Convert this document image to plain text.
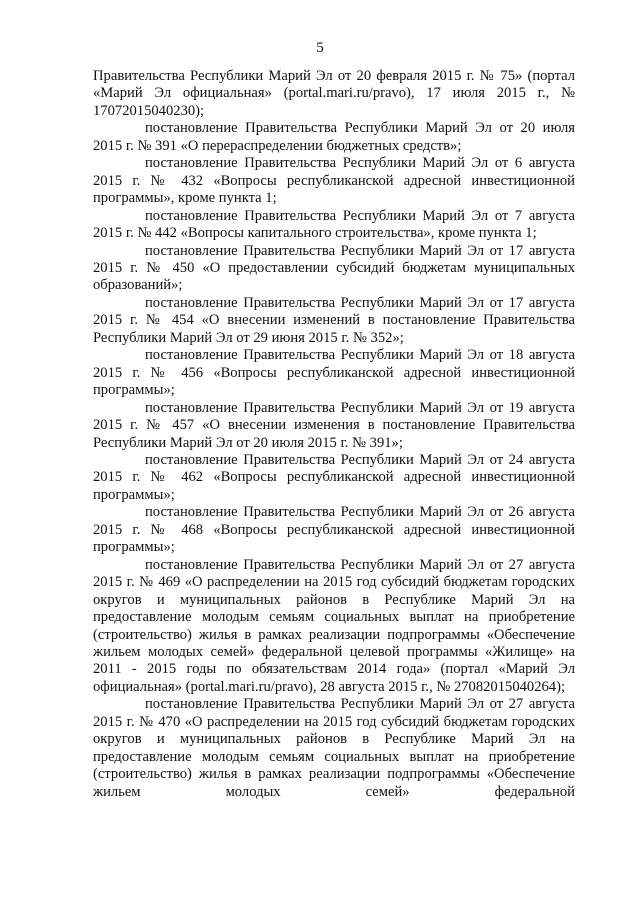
5

Правительства Республики Марий Эл от 20 февраля 2015 г. № 75» (портал «Марий Эл официальная» (portal.mari.ru/pravo), 17 июля 2015 г., № 17072015040230);

постановление Правительства Республики Марий Эл от 20 июля 2015 г. № 391 «О перераспределении бюджетных средств»;

постановление Правительства Республики Марий Эл от 6 августа 2015 г. № 432 «Вопросы республиканской адресной инвестиционной программы», кроме пункта 1;

постановление Правительства Республики Марий Эл от 7 августа 2015 г. № 442 «Вопросы капитального строительства», кроме пункта 1;

постановление Правительства Республики Марий Эл от 17 августа 2015 г. № 450 «О предоставлении субсидий бюджетам муниципальных образований»;

постановление Правительства Республики Марий Эл от 17 августа 2015 г. № 454 «О внесении изменений в постановление Правительства Республики Марий Эл от 29 июня 2015 г. № 352»;

постановление Правительства Республики Марий Эл от 18 августа 2015 г. № 456 «Вопросы республиканской адресной инвестиционной программы»;

постановление Правительства Республики Марий Эл от 19 августа 2015 г. № 457 «О внесении изменения в постановление Правительства Республики Марий Эл от 20 июля 2015 г. № 391»;

постановление Правительства Республики Марий Эл от 24 августа 2015 г. № 462 «Вопросы республиканской адресной инвестиционной программы»;

постановление Правительства Республики Марий Эл от 26 августа 2015 г. № 468 «Вопросы республиканской адресной инвестиционной программы»;

постановление Правительства Республики Марий Эл от 27 августа 2015 г. № 469 «О распределении на 2015 год субсидий бюджетам городских округов и муниципальных районов в Республике Марий Эл на предоставление молодым семьям социальных выплат на приобретение (строительство) жилья в рамках реализации подпрограммы «Обеспечение жильем молодых семей» федеральной целевой программы «Жилище» на 2011 - 2015 годы по обязательствам 2014 года» (портал «Марий Эл официальная» (portal.mari.ru/pravo), 28 августа 2015 г., № 27082015040264);

постановление Правительства Республики Марий Эл от 27 августа 2015 г. № 470 «О распределении на 2015 год субсидий бюджетам городских округов и муниципальных районов в Республике Марий Эл на предоставление молодым семьям социальных выплат на приобретение (строительство) жилья в рамках реализации подпрограммы «Обеспечение жильем молодых семей» федеральной
